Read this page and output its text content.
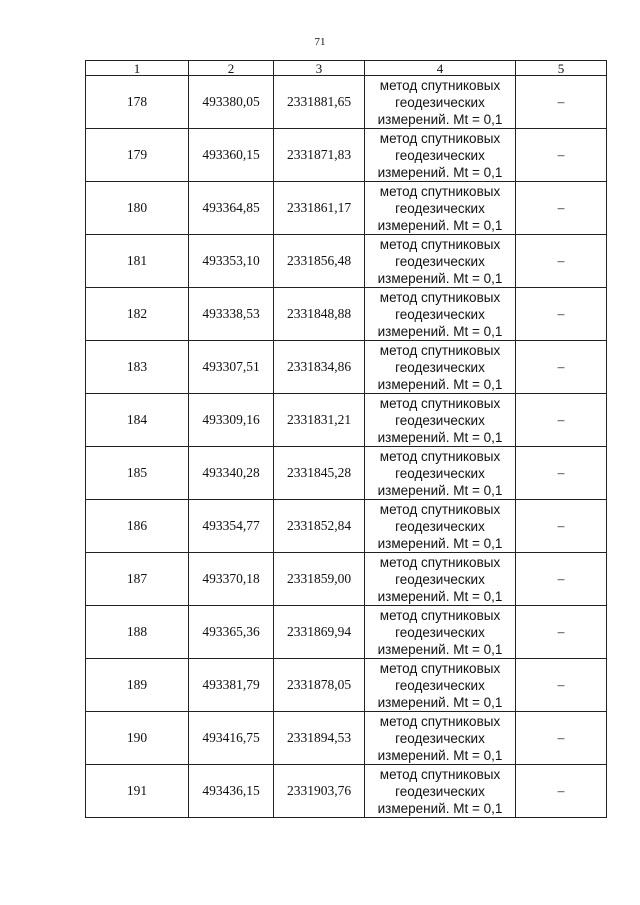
71
1	2	3	4	5
178	493380,05	2331881,65	метод спутниковых
геодезических
измерений. Mt = 0,1	–
179	493360,15	2331871,83	метод спутниковых
геодезических
измерений. Mt = 0,1	–
180	493364,85	2331861,17	метод спутниковых
геодезических
измерений. Mt = 0,1	–
181	493353,10	2331856,48	метод спутниковых
геодезических
измерений. Mt = 0,1	–
182	493338,53	2331848,88	метод спутниковых
геодезических
измерений. Mt = 0,1	–
183	493307,51	2331834,86	метод спутниковых
геодезических
измерений. Mt = 0,1	–
184	493309,16	2331831,21	метод спутниковых
геодезических
измерений. Mt = 0,1	–
185	493340,28	2331845,28	метод спутниковых
геодезических
измерений. Mt = 0,1	–
186	493354,77	2331852,84	метод спутниковых
геодезических
измерений. Mt = 0,1	–
187	493370,18	2331859,00	метод спутниковых
геодезических
измерений. Mt = 0,1	–
188	493365,36	2331869,94	метод спутниковых
геодезических
измерений. Mt = 0,1	–
189	493381,79	2331878,05	метод спутниковых
геодезических
измерений. Mt = 0,1	–
190	493416,75	2331894,53	метод спутниковых
геодезических
измерений. Mt = 0,1	–
191	493436,15	2331903,76	метод спутниковых
геодезических
измерений. Mt = 0,1	–
